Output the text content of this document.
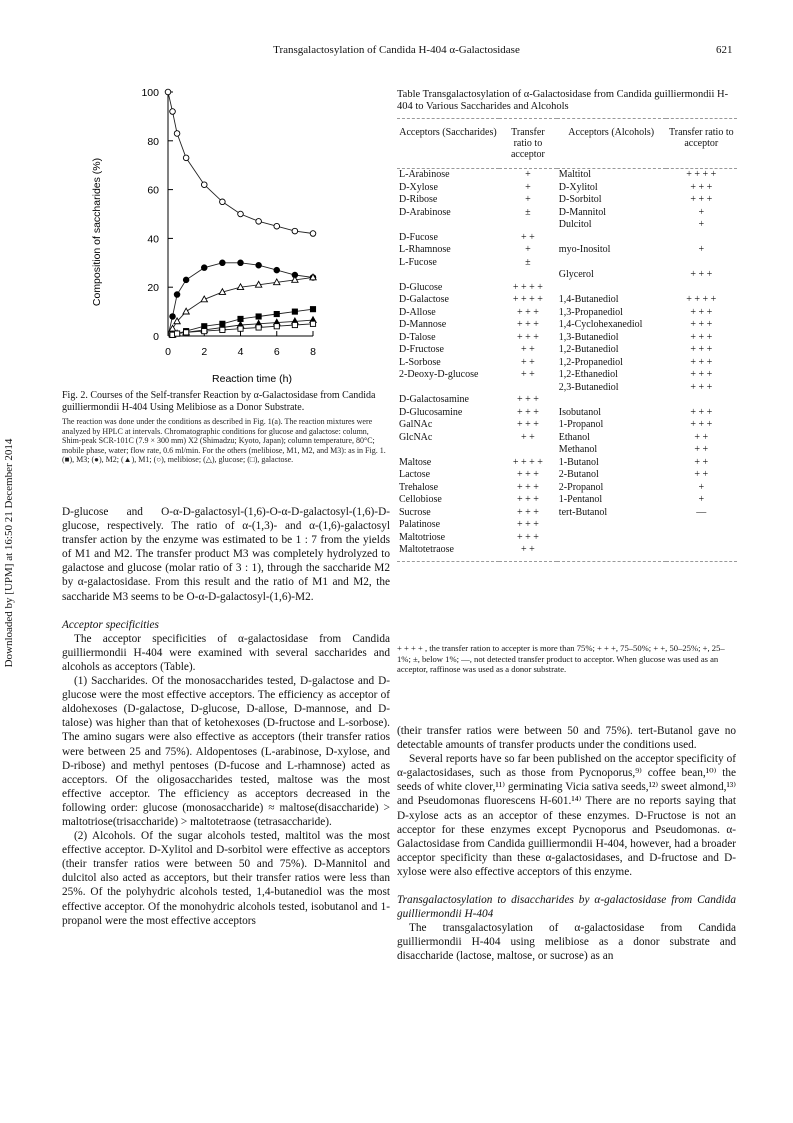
Transgalactosylation of Candida H-404 α-Galactosidase	621
Downloaded by [UPM] at 16:50 21 December 2014
0
20
40
60
80
100
0	2	4	6	8
Reaction time (h)
Composition of saccharides (%)
Fig. 2. Courses of the Self-transfer Reaction by α-Galactosidase from Candida guilliermondii H-404 Using Melibiose as a Donor Substrate.
The reaction was done under the conditions as described in Fig. 1(a). The reaction mixtures were analyzed by HPLC at intervals. Chromatographic conditions for glucose and galactose: column, Shim-peak SCR-101C (7.9 × 300 mm) X2 (Shimadzu; Kyoto, Japan); column temperature, 80°C; mobile phase, water; flow rate, 0.6 ml/min. For the others (melibiose, M1, M2, and M3): as in Fig. 1. (■), M3; (●), M2; (▲), M1; (○), melibiose; (△), glucose; (□), galactose.

D-glucose and O-α-D-galactosyl-(1,6)-O-α-D-galactosyl-(1,6)-D-glucose, respectively. The ratio of α-(1,3)- and α-(1,6)-galactosyl transfer action by the enzyme was estimated to be 1 : 7 from the yields of M1 and M2. The transfer product M3 was completely hydrolyzed to galactose and glucose (molar ratio of 3 : 1), through the saccharide M2 by α-galactosidase. From this result and the ratio of M1 and M2, the saccharide M3 seems to be O-α-D-galactosyl-(1,6)-M2.

Acceptor specificities

The acceptor specificities of α-galactosidase from Candida guilliermondii H-404 were examined with several saccharides and alcohols as acceptors (Table).

(1) Saccharides. Of the monosaccharides tested, D-galactose and D-glucose were the most effective acceptors. The efficiency as acceptor of aldohexoses (D-galactose, D-glucose, D-allose, D-mannose, and D-talose) was higher than that of ketohexoses (D-fructose and L-sorbose). The amino sugars were also effective as acceptors (their transfer ratios were between 25 and 75%). Aldopentoses (L-arabinose, D-xylose, and D-ribose) and methyl pentoses (D-fucose and L-rhamnose) acted as acceptors. Of the oligosaccharides tested, maltose was the most effective acceptor. The efficiency as acceptors decreased in the following order: glucose (monosaccharide) ≈ maltose(disaccharide) > maltotriose(trisaccharide) > maltotetraose (tetrasaccharide).

(2) Alcohols. Of the sugar alcohols tested, maltitol was the most effective acceptor. D-Xylitol and D-sorbitol were effective as acceptors (their transfer ratios were between 50 and 75%). D-Mannitol and dulcitol also acted as acceptors, but their transfer ratios were less than 25%. Of the polyhydric alcohols tested, 1,4-butanediol was the most effective acceptor. Of the monohydric alcohols tested, isobutanol and 1-propanol were the most effective acceptors

Table Transgalactosylation of α-Galactosidase from Candida guilliermondii H-404 to Various Saccharides and Alcohols
Acceptors (Saccharides)	Transfer ratio to acceptor	Acceptors (Alcohols)	Transfer ratio to acceptor

L-Arabinose	+	Maltitol	+ + + +
D-Xylose	+	D-Xylitol	+ + +
D-Ribose	+	D-Sorbitol	+ + +
D-Arabinose	±	D-Mannitol	+
		Dulcitol	+
D-Fucose	+ +		
L-Rhamnose	+	myo-Inositol	+
L-Fucose	±		
		Glycerol	+ + +
D-Glucose	+ + + +		
D-Galactose	+ + + +	1,4-Butanediol	+ + + +
D-Allose	+ + +	1,3-Propanediol	+ + +
D-Mannose	+ + +	1,4-Cyclohexanediol	+ + +
D-Talose	+ + +	1,3-Butanediol	+ + +
D-Fructose	+ +	1,2-Butanediol	+ + +
L-Sorbose	+ +	1,2-Propanediol	+ + +
2-Deoxy-D-glucose	+ +	1,2-Ethanediol	+ + +
		2,3-Butanediol	+ + +
D-Galactosamine	+ + +		
D-Glucosamine	+ + +	Isobutanol	+ + +
GalNAc	+ + +	1-Propanol	+ + +
GlcNAc	+ +	Ethanol	+ +
		Methanol	+ +
Maltose	+ + + +	1-Butanol	+ +
Lactose	+ + +	2-Butanol	+ +
Trehalose	+ + +	2-Propanol	+
Cellobiose	+ + +	1-Pentanol	+
Sucrose	+ + +	tert-Butanol	—
Palatinose	+ + +		

Maltotriose	+ + +		

Maltotetraose	+ +		

+ + + + , the transfer ration to accepter is more than 75%; + + +, 75–50%; + +, 50–25%; +, 25–1%; ±, below 1%; —, not detected transfer product to acceptor. When glucose was used as an acceptor, raffinose was used as a donor substrate.

(their transfer ratios were between 50 and 75%). tert-Butanol gave no detectable amounts of transfer products under the conditions used.

Several reports have so far been published on the acceptor specificity of α-galactosidases, such as those from Pycnoporus,⁹⁾ coffee bean,¹⁰⁾ the seeds of white clover,¹¹⁾ germinating Vicia sativa seeds,¹²⁾ sweet almond,¹³⁾ and Pseudomonas fluorescens H-601.¹⁴⁾ There are no reports saying that D-xylose acts as an acceptor of these enzymes. D-Fructose is not an acceptor for these enzymes except Pycnoporus and Pseudomonas. α-Galactosidase from Candida guilliermondii H-404, however, had a broader acceptor specificity than these α-galactosidases, and D-fructose and D-xylose were also effective acceptors of this enzyme.

Transgalactosylation to disaccharides by α-galactosidase from Candida guilliermondii H-404

The transgalactosylation of α-galactosidase from Candida guilliermondii H-404 using melibiose as a donor substrate and disaccharide (lactose, maltose, or sucrose) as an
